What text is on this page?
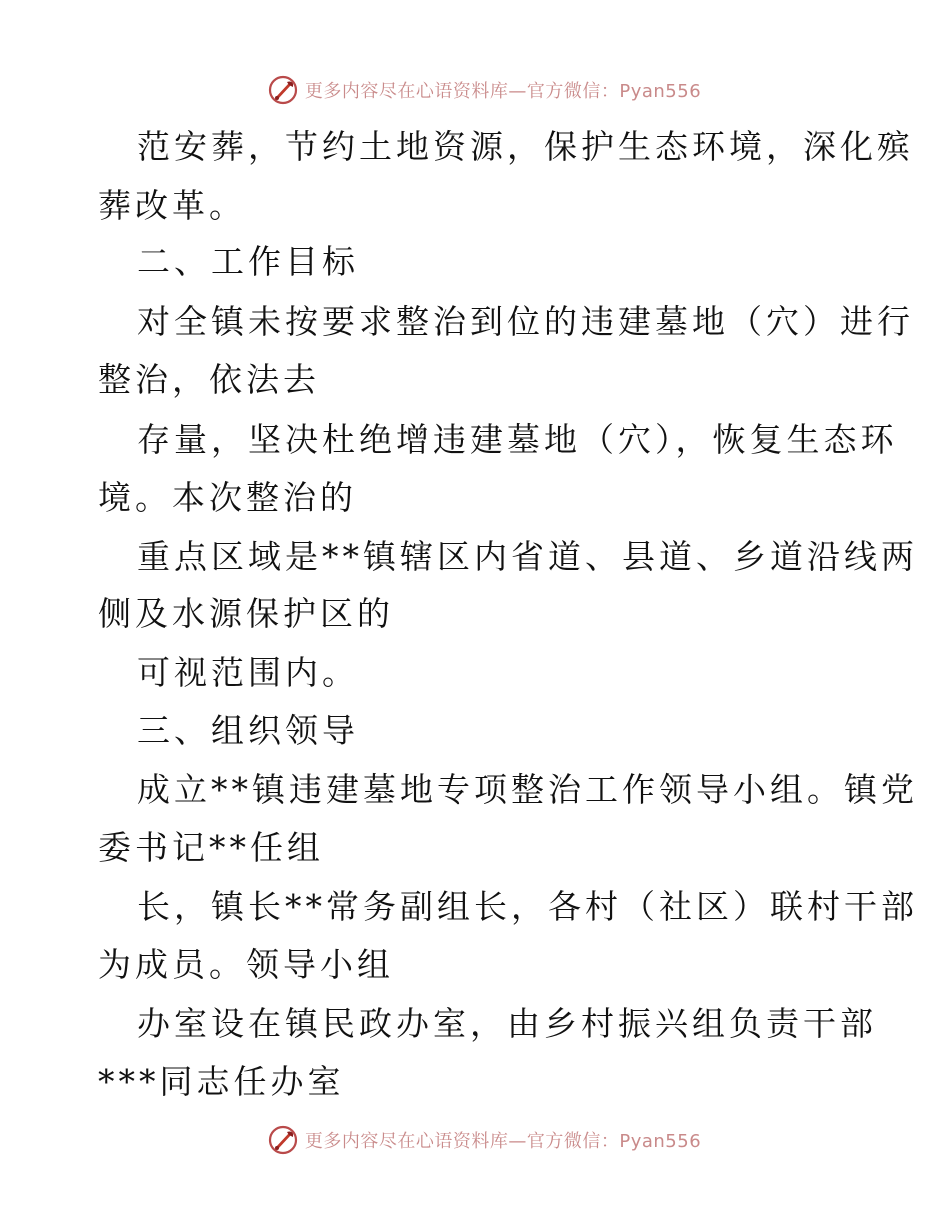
更多内容尽在心语资料库—官方微信：Pyan556
范安葬，节约土地资源，保护生态环境，深化殡
葬改革。
二、工作目标
对全镇未按要求整治到位的违建墓地（穴）进行
整治，依法去
存量，坚决杜绝增违建墓地（穴），恢复生态环
境。本次整治的
重点区域是**镇辖区内省道、县道、乡道沿线两
侧及水源保护区的
可视范围内。
三、组织领导
成立**镇违建墓地专项整治工作领导小组。镇党
委书记**任组
长，镇长**常务副组长，各村（社区）联村干部
为成员。领导小组
办室设在镇民政办室，由乡村振兴组负责干部
***同志任办室
更多内容尽在心语资料库—官方微信：Pyan556
